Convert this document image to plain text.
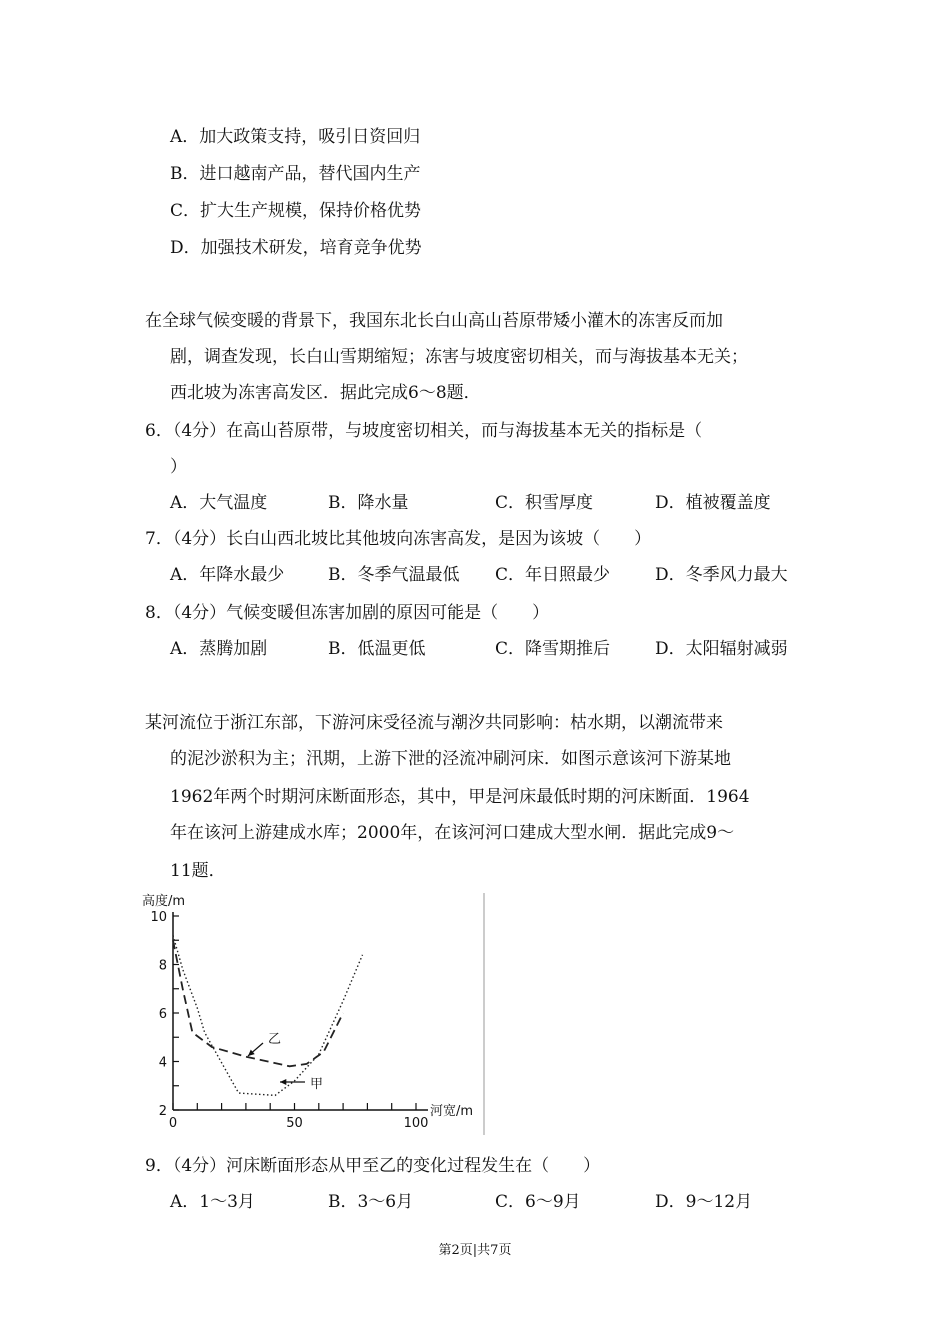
A．加大政策支持，吸引日资回归
B．进口越南产品，替代国内生产
C．扩大生产规模，保持价格优势
D．加强技术研发，培育竞争优势
在全球气候变暖的背景下，我国东北长白山高山苔原带矮小灌木的冻害反而加
剧，调查发现，长白山雪期缩短；冻害与坡度密切相关，而与海拔基本无关；
西北坡为冻害高发区．据此完成6～8题．
6．（4分）在高山苔原带，与坡度密切相关，而与海拔基本无关的指标是（
）
A．大气温度	B．降水量	C．积雪厚度	D．植被覆盖度
7．（4分）长白山西北坡比其他坡向冻害高发，是因为该坡（　　）
A．年降水最少	B．冬季气温最低 C．年日照最少	D．冬季风力最大
8．（4分）气候变暖但冻害加剧的原因可能是（　　）
A．蒸腾加剧	B．低温更低	C．降雪期推后	D．太阳辐射减弱
某河流位于浙江东部，下游河床受径流与潮汐共同影响：枯水期，以潮流带来
的泥沙淤积为主；汛期，上游下泄的泾流冲刷河床．如图示意该河下游某地
1962年两个时期河床断面形态，其中，甲是河床最低时期的河床断面．1964
年在该河上游建成水库；2000年，在该河河口建成大型水闸．据此完成9～
11题．
0	50	100
2
4
6
8
10
高度/m
河宽/m
甲
乙
9．（4分）河床断面形态从甲至乙的变化过程发生在（　　）
A．1～3月	B．3～6月	C．6～9月	D．9～12月
第2页|共7页
